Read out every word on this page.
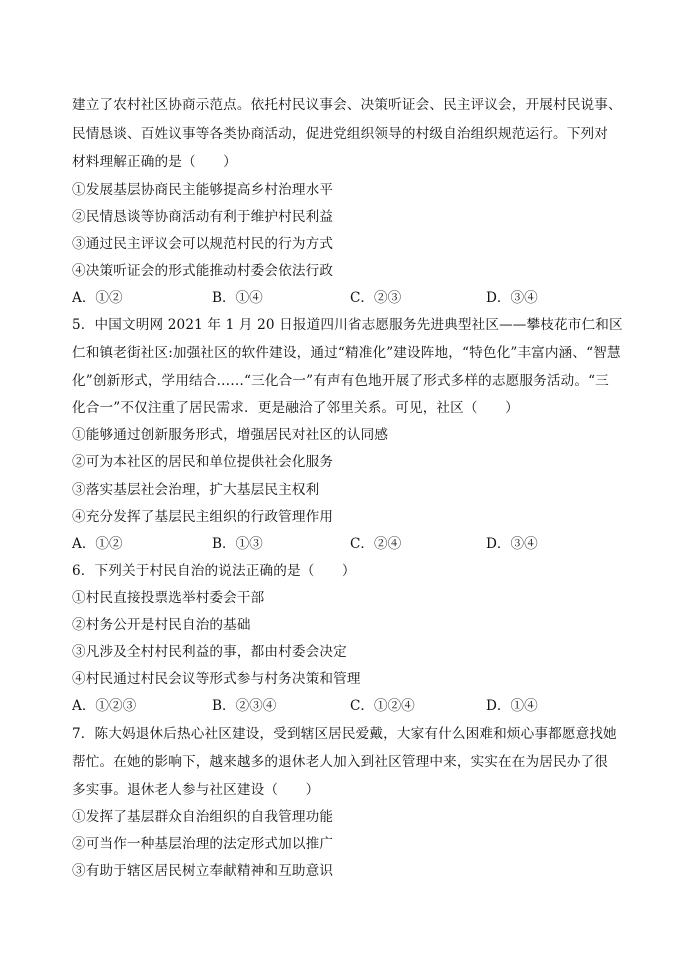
建立了农村社区协商示范点。依托村民议事会、决策听证会、民主评议会，开展村民说事、
民情恳谈、百姓议事等各类协商活动，促进党组织领导的村级自治组织规范运行。下列对
材料理解正确的是（　　）
①发展基层协商民主能够提高乡村治理水平
②民情恳谈等协商活动有利于维护村民利益
③通过民主评议会可以规范村民的行为方式
④决策听证会的形式能推动村委会依法行政
A．①②	B．①④	C．②③	D．③④
5．中国文明网 2021 年 1 月 20 日报道四川省志愿服务先进典型社区——攀枝花市仁和区
仁和镇老街社区:加强社区的软件建设，通过“精准化”建设阵地，“特色化”丰富内涵、“智慧
化”创新形式，学用结合……“三化合一”有声有色地开展了形式多样的志愿服务活动。“三
化合一”不仅注重了居民需求．更是融洽了邻里关系。可见，社区（　　）
①能够通过创新服务形式，增强居民对社区的认同感
②可为本社区的居民和单位提供社会化服务
③落实基层社会治理，扩大基层民主权利
④充分发挥了基层民主组织的行政管理作用
A．①②	B．①③	C．②④	D．③④
6．下列关于村民自治的说法正确的是（　　）
①村民直接投票选举村委会干部
②村务公开是村民自治的基础
③凡涉及全村村民利益的事，都由村委会决定
④村民通过村民会议等形式参与村务决策和管理
A．①②③	B．②③④	C．①②④	D．①④
7．陈大妈退休后热心社区建设，受到辖区居民爱戴，大家有什么困难和烦心事都愿意找她
帮忙。在她的影响下，越来越多的退休老人加入到社区管理中来，实实在在为居民办了很
多实事。退休老人参与社区建设（　　）
①发挥了基层群众自治组织的自我管理功能
②可当作一种基层治理的法定形式加以推广
③有助于辖区居民树立奉献精神和互助意识
